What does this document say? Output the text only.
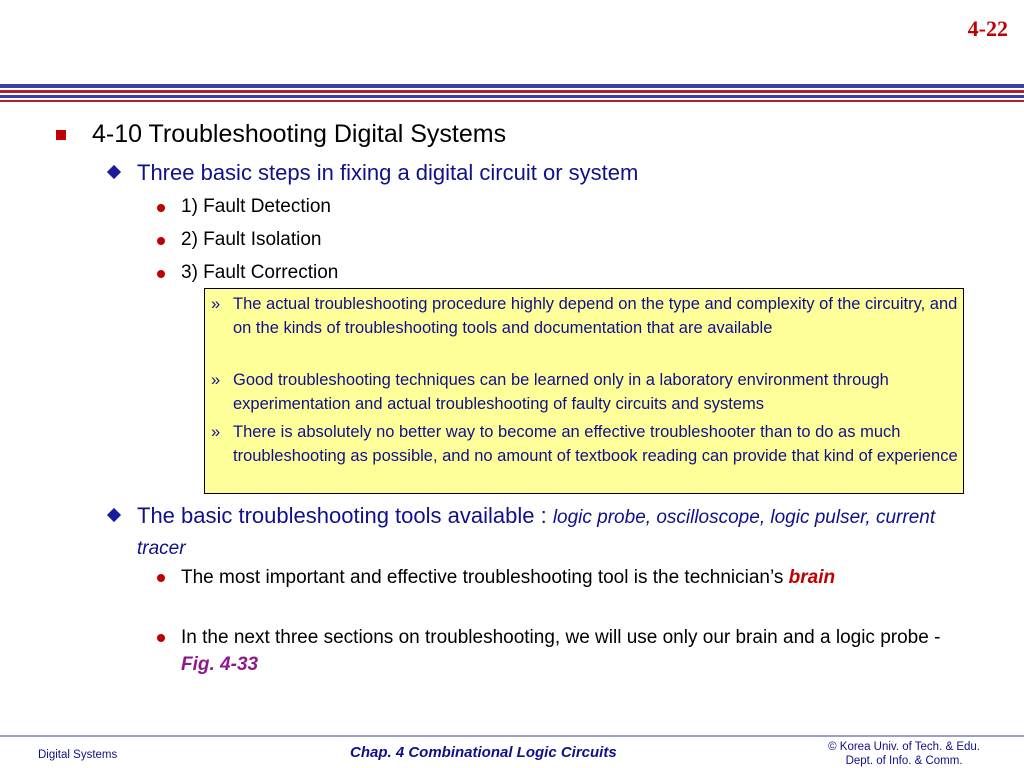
4-22
4-10 Troubleshooting Digital Systems
Three basic steps in fixing a digital circuit or system
1) Fault Detection
2) Fault Isolation
3) Fault Correction
» The actual troubleshooting procedure highly depend on the type and complexity of the circuitry, and on the kinds of troubleshooting tools and documentation that are available
» Good troubleshooting techniques can be learned only in a laboratory environment through experimentation and actual troubleshooting of faulty circuits and systems
» There is absolutely no better way to become an effective troubleshooter than to do as much troubleshooting as possible, and no amount of textbook reading can provide that kind of experience
The basic troubleshooting tools available : logic probe, oscilloscope, logic pulser, current tracer
The most important and effective troubleshooting tool is the technician’s brain
In the next three sections on troubleshooting, we will use only our brain and a logic probe - Fig. 4-33
Digital Systems	Chap. 4 Combinational Logic Circuits	© Korea Univ. of Tech. & Edu.
Dept. of Info. & Comm.
